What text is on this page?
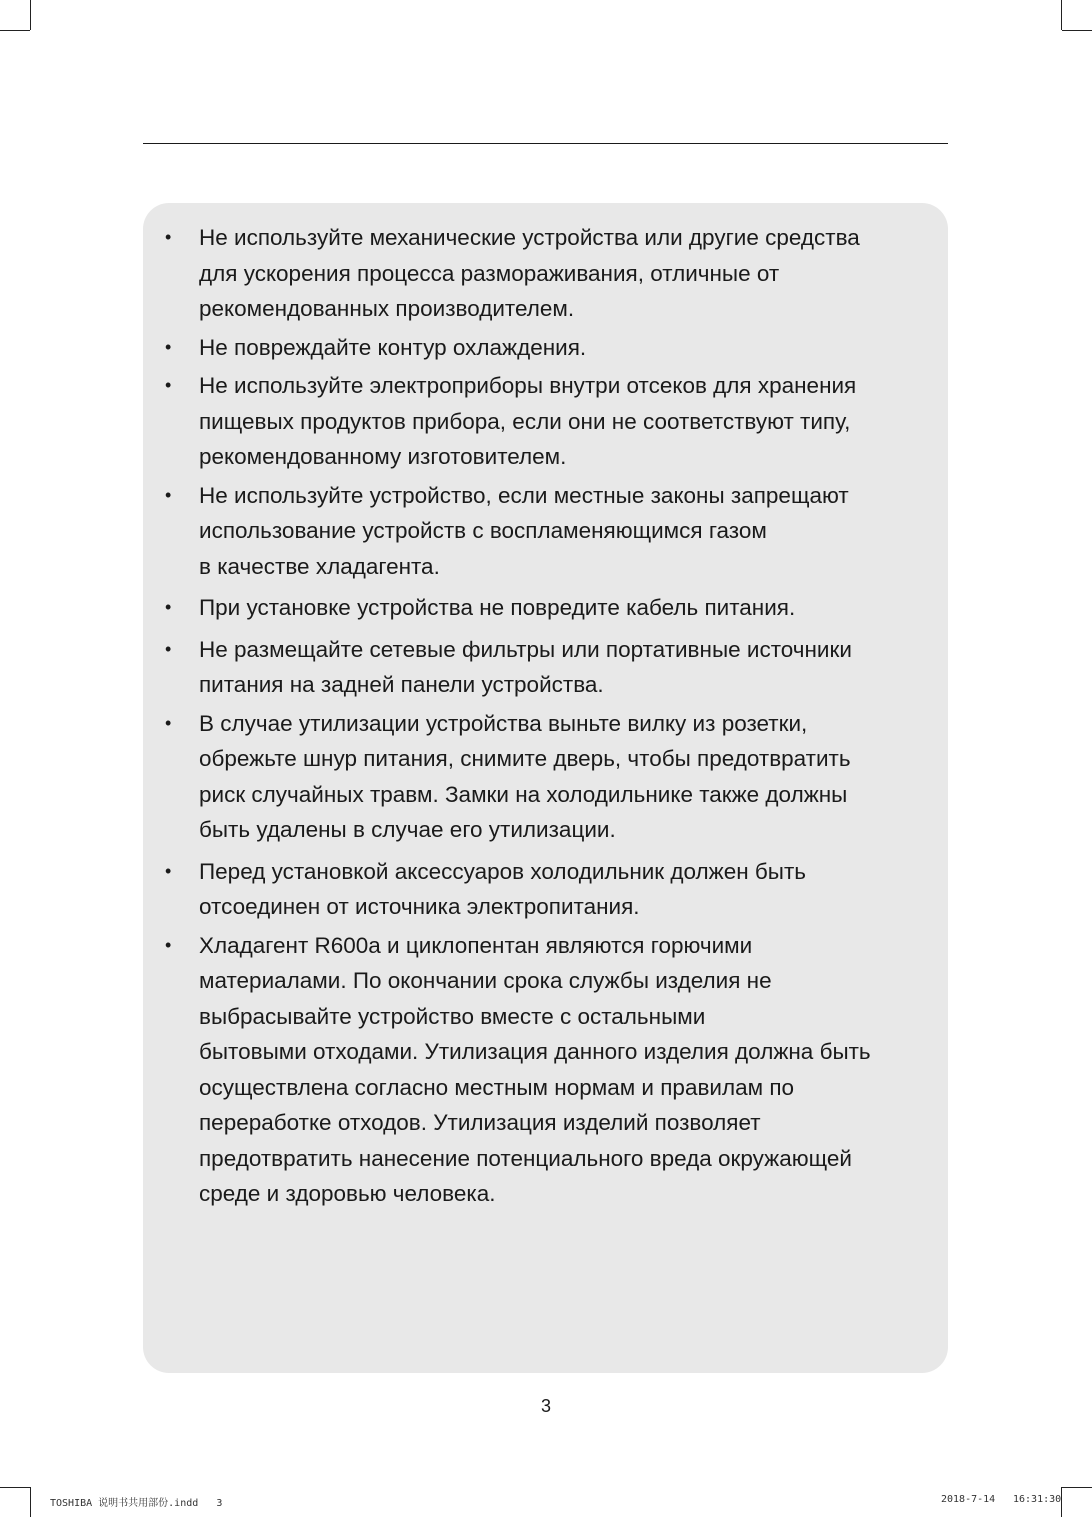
• Не используйте механические устройства или другие средства
для ускорения процесса размораживания, отличные от
рекомендованных производителем.
• Не повреждайте контур охлаждения.
• Не используйте электроприборы внутри отсеков для хранения
пищевых продуктов прибора, если они не соответствуют типу,
рекомендованному изготовителем.
• Не используйте устройство, если местные законы запрещают
использование устройств с воспламеняющимся газом
в качестве хладагента.
• При установке устройства не повредите кабель питания.
• Не размещайте сетевые фильтры или портативные источники
питания на задней панели устройства.
• В случае утилизации устройства выньте вилку из розетки,
обрежьте шнур питания, снимите дверь, чтобы предотвратить
риск случайных травм. Замки на холодильнике также должны
быть удалены в случае его утилизации.
• Перед установкой аксессуаров холодильник должен быть
отсоединен от источника электропитания.
• Хладагент R600a и циклопентан являются горючими
материалами. По окончании срока службы изделия не
выбрасывайте устройство вместе с остальными
бытовыми отходами. Утилизация данного изделия должна быть
осуществлена согласно местным нормам и правилам по
переработке отходов. Утилизация изделий позволяет
предотвратить нанесение потенциального вреда окружающей
среде и здоровью человека.
3
TOSHIBA 说明书共用部份.indd   3	2018-7-14 16:31:30
